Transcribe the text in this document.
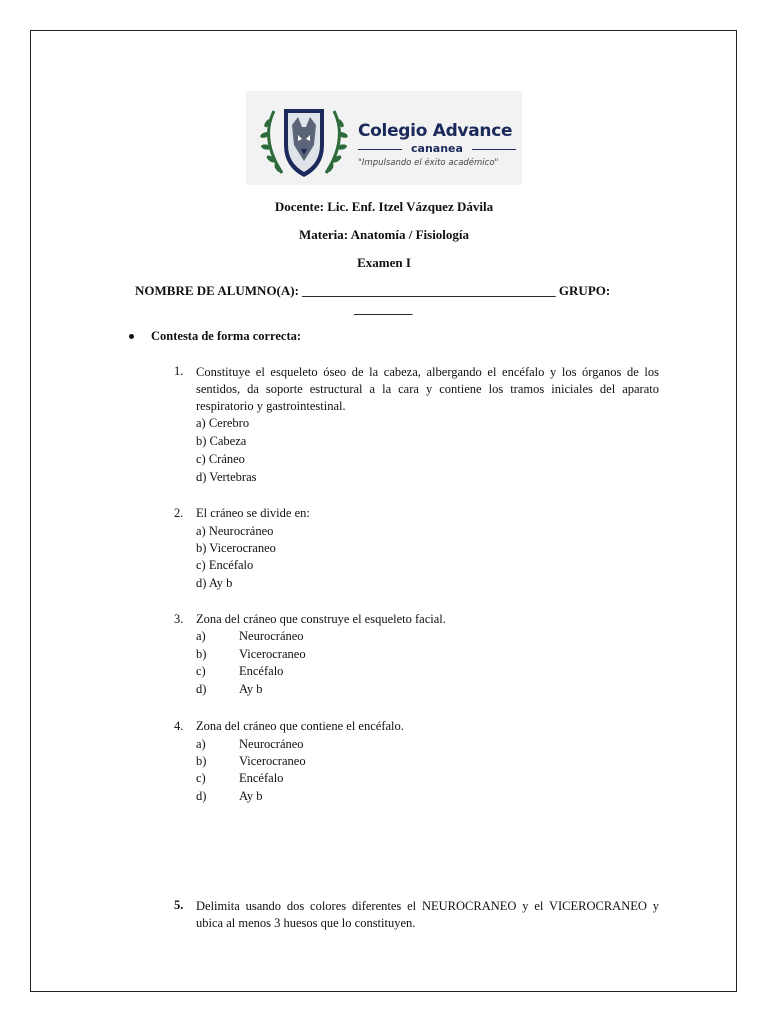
Colegio Advance
cananea
"Impulsando el éxito académico"
Docente: Lic. Enf. Itzel Vázquez Dávila
Materia: Anatomía / Fisiología
Examen I
NOMBRE DE ALUMNO(A): _______________________________________ GRUPO:
_________
Contesta de forma correcta:
1. Constituye el esqueleto óseo de la cabeza, albergando el encéfalo y los órganos de los sentidos, da soporte estructural a la cara y contiene los tramos iniciales del aparato respiratorio y gastrointestinal.
a) Cerebro
b) Cabeza
c) Cráneo
d) Vertebras
2. El cráneo se divide en:
a) Neurocráneo
b) Vicerocraneo
c) Encéfalo
d) Ay b
3. Zona del cráneo que construye el esqueleto facial.
a)	Neurocráneo
b)	Vicerocraneo
c)	Encéfalo
d)	Ay b
4. Zona del cráneo que contiene el encéfalo.
a)	Neurocráneo
b)	Vicerocraneo
c)	Encéfalo
d)	Ay b
5. Delimita usando dos colores diferentes el NEUROCRANEO y el VICEROCRANEO y ubica al menos 3 huesos que lo constituyen.
